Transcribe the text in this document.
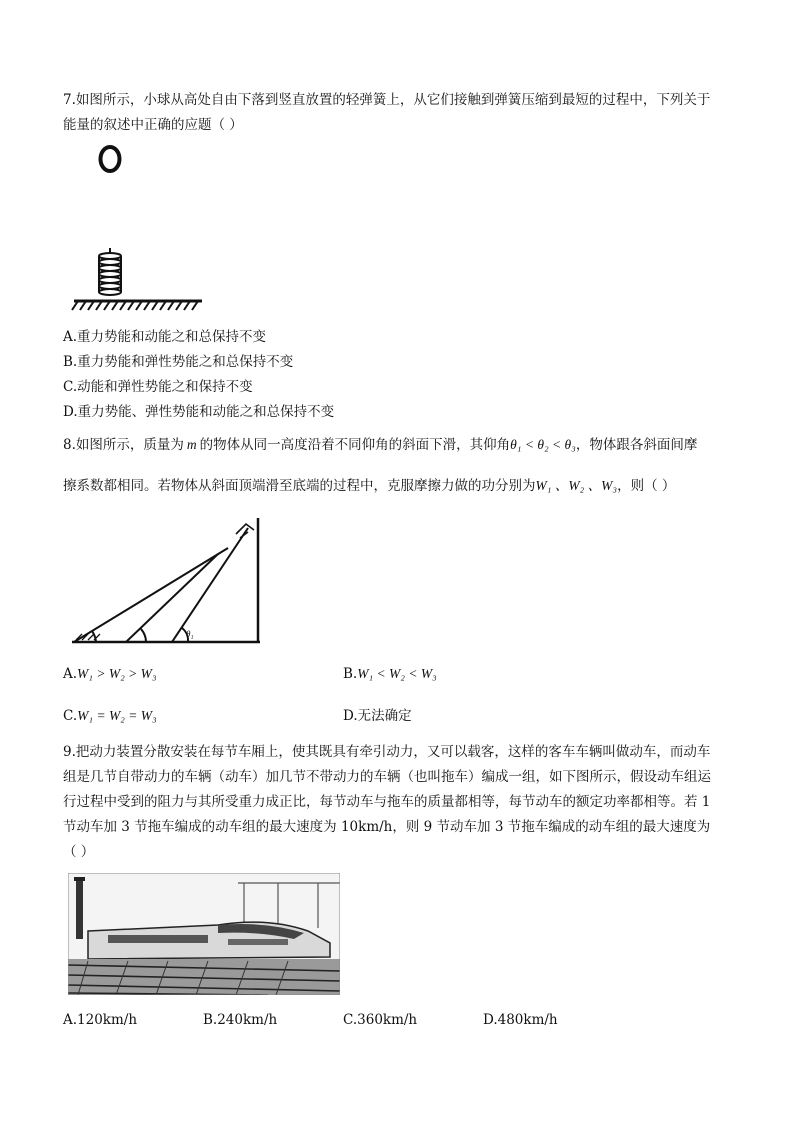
7.如图所示，小球从高处自由下落到竖直放置的轻弹簧上，从它们接触到弹簧压缩到最短的过程中，下列关于
能量的叙述中正确的应题（ ）
A.重力势能和动能之和总保持不变
B.重力势能和弹性势能之和总保持不变
C.动能和弹性势能之和保持不变
D.重力势能、弹性势能和动能之和总保持不变
8.如图所示，质量为 m 的物体从同一高度沿着不同仰角的斜面下滑，其仰角θ₁ < θ₂ < θ₃，物体跟各斜面间摩
擦系数都相同。若物体从斜面顶端滑至底端的过程中，克服摩擦力做的功分别为W₁ 、W₂ 、W₃，则（ ）
θ₁
A.W₁ > W₂ > W₃	B.W₁ < W₂ < W₃
C.W₁ = W₂ = W₃	D.无法确定
9.把动力装置分散安装在每节车厢上，使其既具有牵引动力，又可以载客，这样的客车车辆叫做动车，而动车
组是几节自带动力的车辆（动车）加几节不带动力的车辆（也叫拖车）编成一组，如下图所示，假设动车组运
行过程中受到的阻力与其所受重力成正比，每节动车与拖车的质量都相等，每节动车的额定功率都相等。若 1
节动车加 3 节拖车编成的动车组的最大速度为 10km/h，则 9 节动车加 3 节拖车编成的动车组的最大速度为
（ ）
A.120km/h	B.240km/h	C.360km/h	D.480km/h
